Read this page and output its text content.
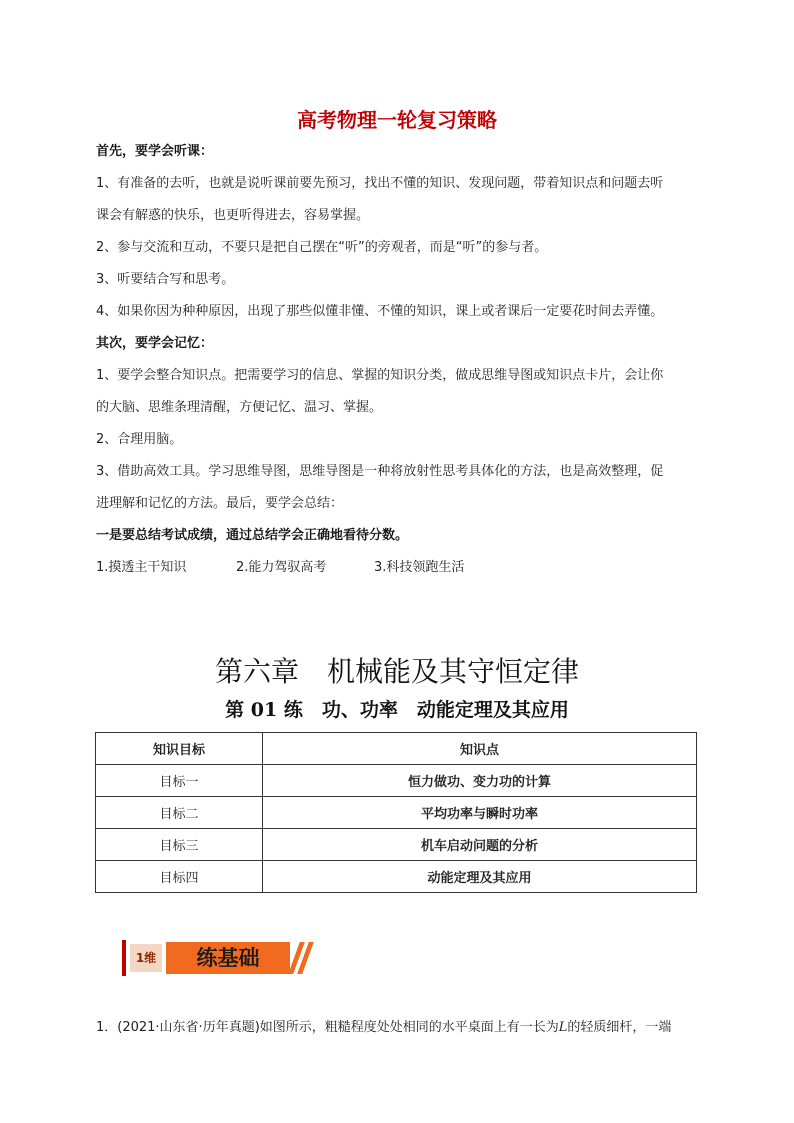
高考物理一轮复习策略
首先，要学会听课：
1、有准备的去听，也就是说听课前要先预习，找出不懂的知识、发现问题，带着知识点和问题去听
课会有解惑的快乐，也更听得进去，容易掌握。
2、参与交流和互动，不要只是把自己摆在“听”的旁观者，而是“听”的参与者。
3、听要结合写和思考。
4、如果你因为种种原因，出现了那些似懂非懂、不懂的知识，课上或者课后一定要花时间去弄懂。
其次，要学会记忆：
1、要学会整合知识点。把需要学习的信息、掌握的知识分类，做成思维导图或知识点卡片，会让你
的大脑、思维条理清醒，方便记忆、温习、掌握。
2、合理用脑。
3、借助高效工具。学习思维导图，思维导图是一种将放射性思考具体化的方法，也是高效整理，促
进理解和记忆的方法。最后，要学会总结：
一是要总结考试成绩，通过总结学会正确地看待分数。
1.摸透主干知识	2.能力驾驭高考	3.科技领跑生活
第六章　机械能及其守恒定律
第 01 练　功、功率　动能定理及其应用
知识目标	知识点
目标一	恒力做功、变力功的计算
目标二	平均功率与瞬时功率
目标三	机车启动问题的分析
目标四	动能定理及其应用
1维	练基础
1．(2021·山东省·历年真题)如图所示，粗糙程度处处相同的水平桌面上有一长为L的轻质细杆，一端
